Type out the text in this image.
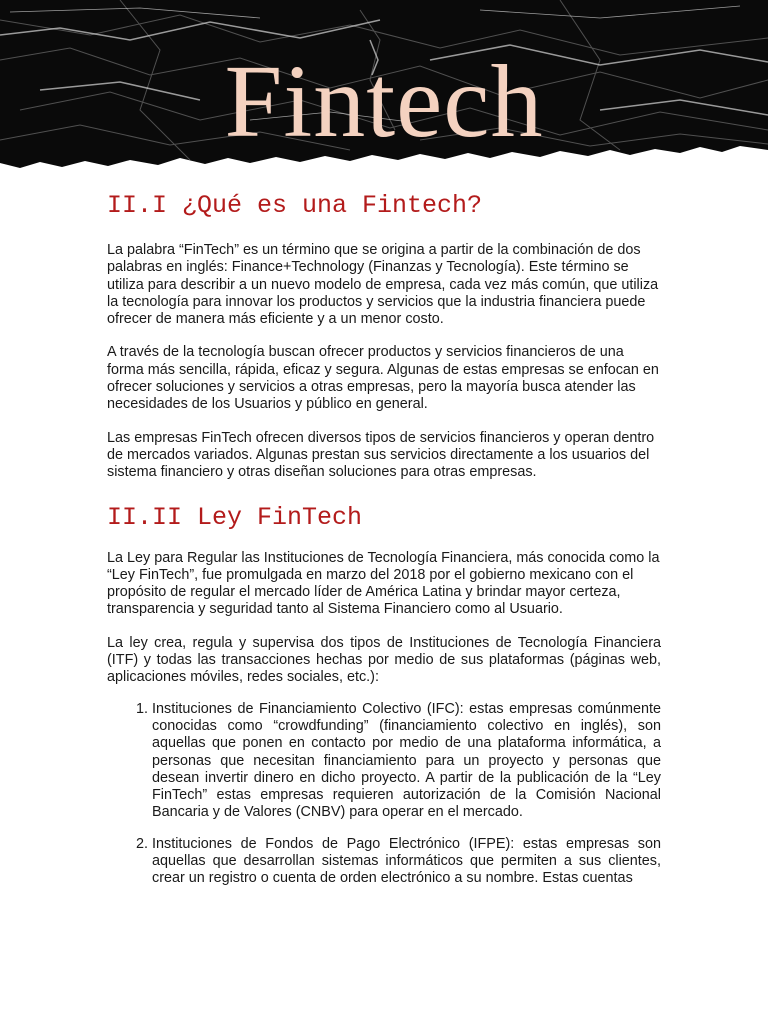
Fintech
II.I ¿Qué es una Fintech?

La palabra “FinTech” es un término que se origina a partir de la combinación de dos palabras en inglés: Finance+Technology (Finanzas y Tecnología). Este término se utiliza para describir a un nuevo modelo de empresa, cada vez más común, que utiliza la tecnología para innovar los productos y servicios que la industria financiera puede ofrecer de manera más eficiente y a un menor costo.

A través de la tecnología buscan ofrecer productos y servicios financieros de una forma más sencilla, rápida, eficaz y segura. Algunas de estas empresas se enfocan en ofrecer soluciones y servicios a otras empresas, pero la mayoría busca atender las necesidades de los Usuarios y público en general.

Las empresas FinTech ofrecen diversos tipos de servicios financieros y operan dentro de mercados variados. Algunas prestan sus servicios directamente a los usuarios del sistema financiero y otras diseñan soluciones para otras empresas.

II.II Ley FinTech

La Ley para Regular las Instituciones de Tecnología Financiera, más conocida como la “Ley FinTech”, fue promulgada en marzo del 2018 por el gobierno mexicano con el propósito de regular el mercado líder de América Latina y brindar mayor certeza, transparencia y seguridad tanto al Sistema Financiero como al Usuario.

La ley crea, regula y supervisa dos tipos de Instituciones de Tecnología Financiera (ITF) y todas las transacciones hechas por medio de sus plataformas (páginas web, aplicaciones móviles, redes sociales, etc.):

1. Instituciones de Financiamiento Colectivo (IFC): estas empresas comúnmente conocidas como “crowdfunding” (financiamiento colectivo en inglés), son aquellas que ponen en contacto por medio de una plataforma informática, a personas que necesitan financiamiento para un proyecto y personas que desean invertir dinero en dicho proyecto. A partir de la publicación de la “Ley FinTech” estas empresas requieren autorización de la Comisión Nacional Bancaria y de Valores (CNBV) para operar en el mercado.
2. Instituciones de Fondos de Pago Electrónico (IFPE): estas empresas son aquellas que desarrollan sistemas informáticos que permiten a sus clientes, crear un registro o cuenta de orden electrónico a su nombre. Estas cuentas
